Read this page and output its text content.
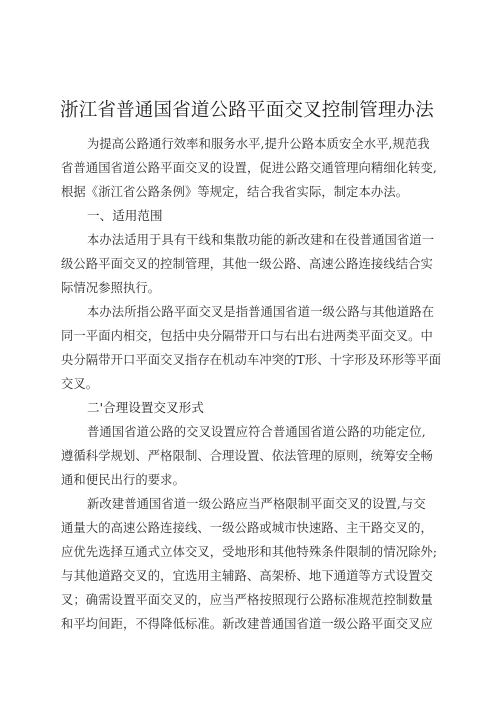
浙江省普通国省道公路平面交叉控制管理办法
为提高公路通行效率和服务水平,提升公路本质安全水平,规范我
省普通国省道公路平面交叉的设置，促进公路交通管理向精细化转变,
根据《浙江省公路条例》等规定，结合我省实际，制定本办法。
一、适用范围
本办法适用于具有干线和集散功能的新改建和在役普通国省道一
级公路平面交叉的控制管理，其他一级公路、高速公路连接线结合实
际情况参照执行。
本办法所指公路平面交叉是指普通国省道一级公路与其他道路在
同一平面内相交，包括中央分隔带开口与右出右进两类平面交叉。中
央分隔带开口平面交叉指存在机动车冲突的T形、十字形及环形等平面
交叉。
二'合理设置交叉形式
普通国省道公路的交叉设置应符合普通国省道公路的功能定位,
遵循科学规划、严格限制、合理设置、依法管理的原则，统筹安全畅
通和便民出行的要求。
新改建普通国省道一级公路应当严格限制平面交叉的设置,与交
通量大的高速公路连接线、一级公路或城市快速路、主干路交叉的，
应优先选择互通式立体交叉，受地形和其他特殊条件限制的情况除外;
与其他道路交叉的，宜选用主辅路、高架桥、地下通道等方式设置交
叉；确需设置平面交叉的，应当严格按照现行公路标准规范控制数量
和平均间距，不得降低标准。新改建普通国省道一级公路平面交叉应
